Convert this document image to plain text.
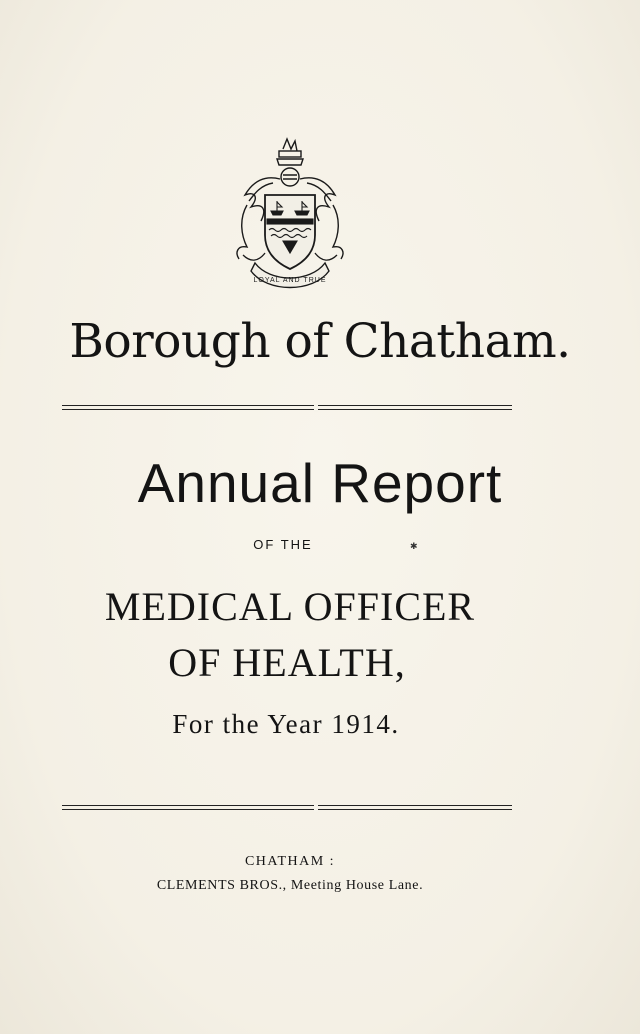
LOYAL AND TRUE
Borough of Chatham.
Annual Report
OF THE	✱
MEDICAL OFFICER
OF HEALTH,
For the Year 1914.
CHATHAM :
CLEMENTS BROS., Meeting House Lane.
